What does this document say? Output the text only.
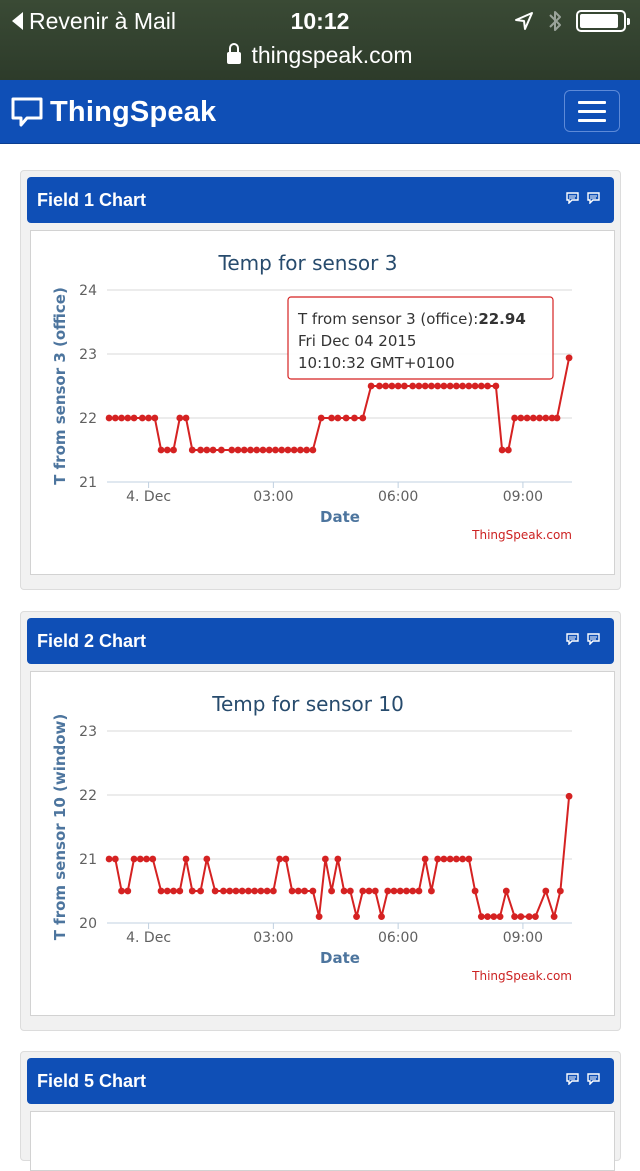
Revenir à Mail	10:12
thingspeak.com
ThingSpeak
Field 1 Chart
Temp for sensor 3
21
22
23
24
4. Dec	03:00	06:00	09:00
Date
T from sensor 3 (office)
ThingSpeak.com
T from sensor 3 (office):22.94
Fri Dec 04 2015
10:10:32 GMT+0100
Field 2 Chart
Temp for sensor 10
20
21
22
23
4. Dec	03:00	06:00	09:00
Date
T from sensor 10 (window)
ThingSpeak.com
Field 5 Chart
